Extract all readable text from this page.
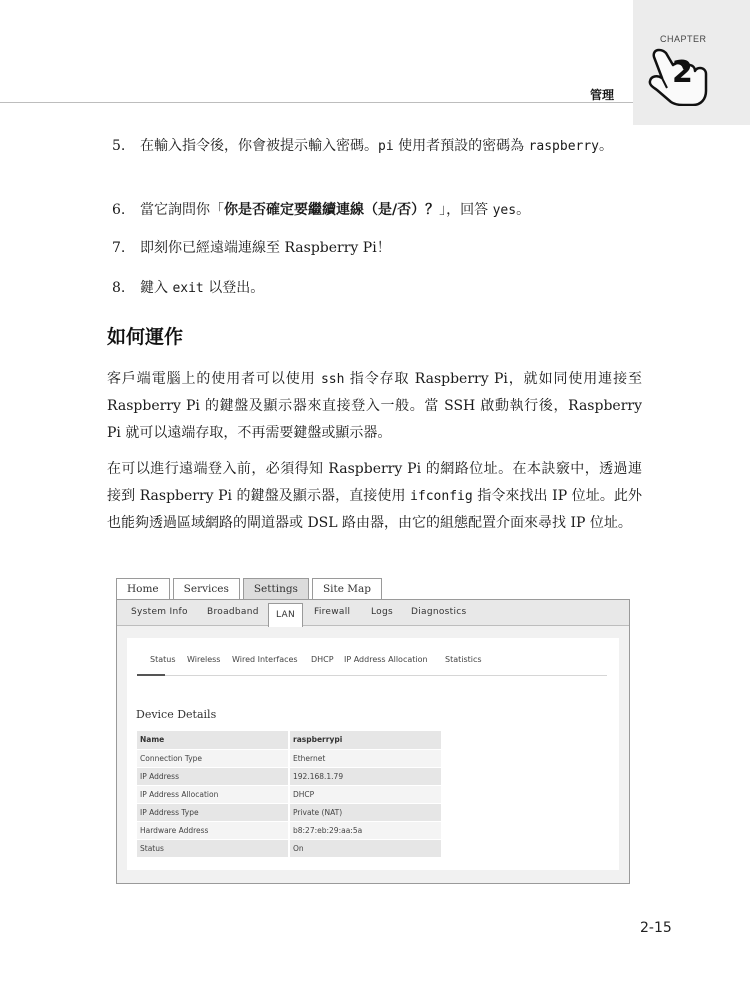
CHAPTER
2
管理
5.	在輸入指令後，你會被提示輸入密碼。pi 使用者預設的密碼為 raspberry。
6.	當它詢問你「你是否確定要繼續連線（是/否）？」，回答 yes。
7.	即刻你已經遠端連線至 Raspberry Pi！
8.	鍵入 exit 以登出。
如何運作
客戶端電腦上的使用者可以使用 ssh 指令存取 Raspberry Pi，就如同使用連接至 Raspberry Pi 的鍵盤及顯示器來直接登入一般。當 SSH 啟動執行後，Raspberry Pi 就可以遠端存取，不再需要鍵盤或顯示器。
在可以進行遠端登入前，必須得知 Raspberry Pi 的網路位址。在本訣竅中，透過連接到 Raspberry Pi 的鍵盤及顯示器，直接使用 ifconfig 指令來找出 IP 位址。此外也能夠透過區域網路的閘道器或 DSL 路由器，由它的組態配置介面來尋找 IP 位址。
Home	Services	Settings	Site Map
System Info Broadband	LAN	Firewall Logs Diagnostics
Status Wireless Wired Interfaces DHCP IP Address Allocation Statistics
Device Details
Name	raspberrypi
Connection Type	Ethernet
IP Address	192.168.1.79
IP Address Allocation	DHCP
IP Address Type	Private (NAT)
Hardware Address	b8:27:eb:29:aa:5a
Status	On
2-15
